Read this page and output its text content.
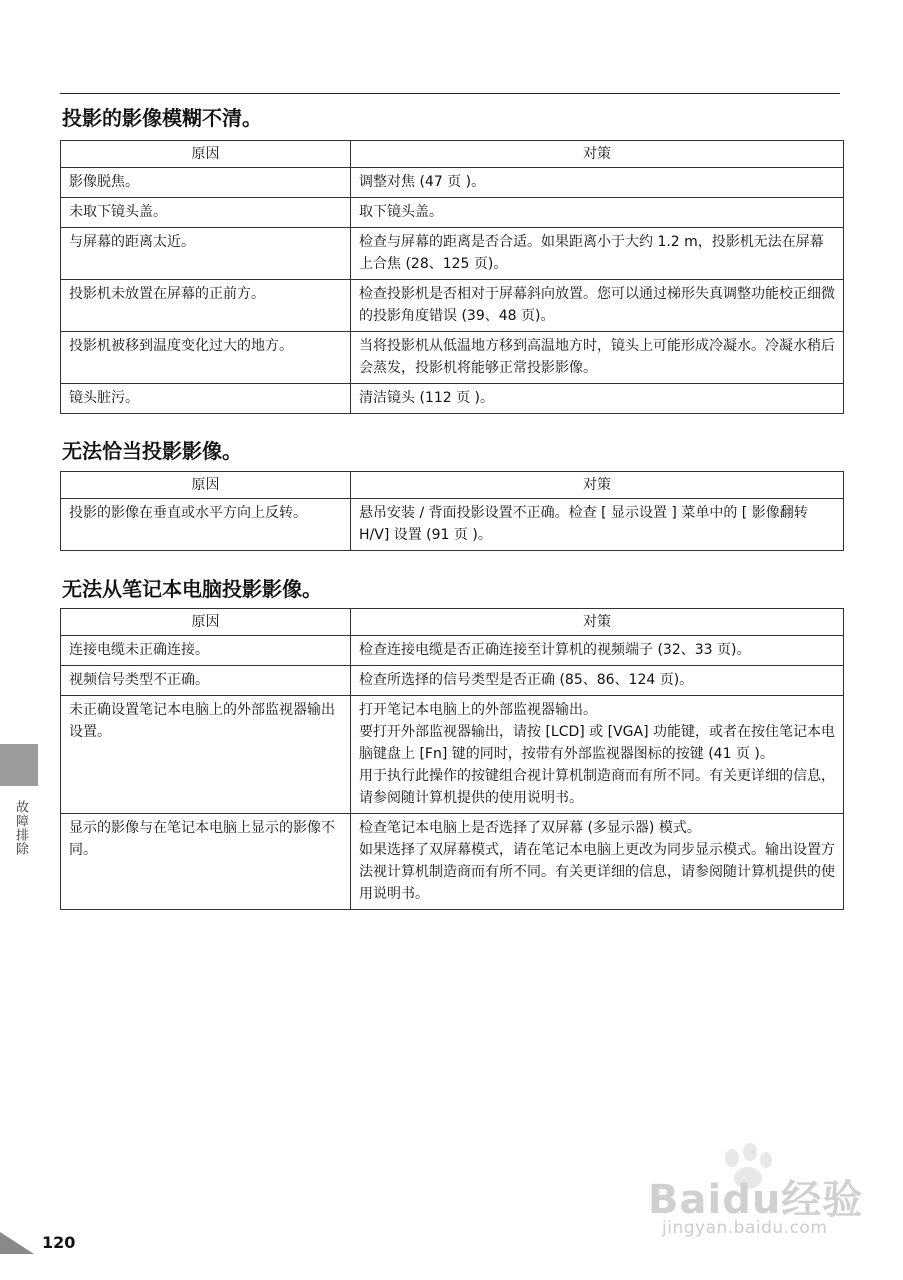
投影的影像模糊不清。
原因	对策
影像脱焦。	调整对焦 (47 页 )。

未取下镜头盖。	取下镜头盖。

与屏幕的距离太近。	检查与屏幕的距离是否合适。如果距离小于大约 1.2 m，投影机无法在屏幕上合焦 (28、125 页)。

投影机未放置在屏幕的正前方。	检查投影机是否相对于屏幕斜向放置。您可以通过梯形失真调整功能校正细微的投影角度错误 (39、48 页)。

投影机被移到温度变化过大的地方。	当将投影机从低温地方移到高温地方时，镜头上可能形成冷凝水。冷凝水稍后会蒸发，投影机将能够正常投影影像。

镜头脏污。	清洁镜头 (112 页 )。
无法恰当投影影像。
原因	对策
投影的影像在垂直或水平方向上反转。	悬吊安装 / 背面投影设置不正确。检查 [ 显示设置 ] 菜单中的 [ 影像翻转 H/V] 设置 (91 页 )。
无法从笔记本电脑投影影像。
原因	对策
连接电缆未正确连接。	检查连接电缆是否正确连接至计算机的视频端子 (32、33 页)。

视频信号类型不正确。	检查所选择的信号类型是否正确 (85、86、124 页)。

未正确设置笔记本电脑上的外部监视器输出设置。	打开笔记本电脑上的外部监视器输出。
要打开外部监视器输出，请按 [LCD] 或 [VGA] 功能键，或者在按住笔记本电脑键盘上 [Fn] 键的同时，按带有外部监视器图标的按键 (41 页 )。
用于执行此操作的按键组合视计算机制造商而有所不同。有关更详细的信息，请参阅随计算机提供的使用说明书。

显示的影像与在笔记本电脑上显示的影像不同。	检查笔记本电脑上是否选择了双屏幕 (多显示器) 模式。
如果选择了双屏幕模式，请在笔记本电脑上更改为同步显示模式。输出设置方法视计算机制造商而有所不同。有关更详细的信息，请参阅随计算机提供的使用说明书。
故障排除
Baidu经验
jingyan.baidu.com
120
